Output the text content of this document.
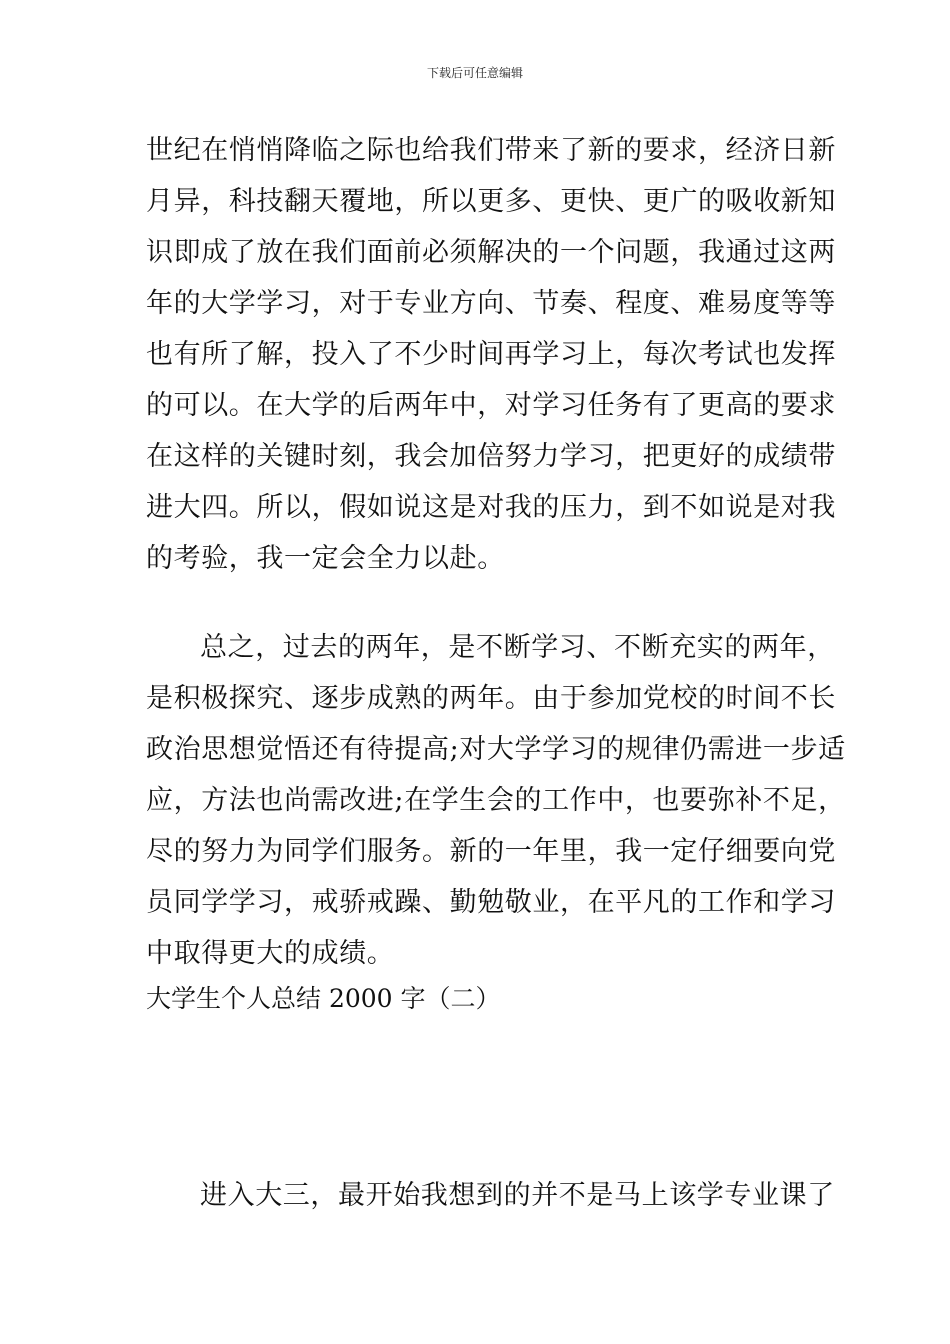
下载后可任意编辑
世纪在悄悄降临之际也给我们带来了新的要求，经济日新
月异，科技翻天覆地，所以更多、更快、更广的吸收新知
识即成了放在我们面前必须解决的一个问题，我通过这两
年的大学学习，对于专业方向、节奏、程度、难易度等等
也有所了解，投入了不少时间再学习上，每次考试也发挥
的可以。在大学的后两年中，对学习任务有了更高的要求
在这样的关键时刻，我会加倍努力学习，把更好的成绩带
进大四。所以，假如说这是对我的压力，到不如说是对我
的考验，我一定会全力以赴。
总之，过去的两年，是不断学习、不断充实的两年，
是积极探究、逐步成熟的两年。由于参加党校的时间不长
政治思想觉悟还有待提高;对大学学习的规律仍需进一步适
应，方法也尚需改进;在学生会的工作中，也要弥补不足，
尽的努力为同学们服务。新的一年里，我一定仔细要向党
员同学学习，戒骄戒躁、勤勉敬业，在平凡的工作和学习
中取得更大的成绩。
大学生个人总结 2000 字（二）
进入大三，最开始我想到的并不是马上该学专业课了
